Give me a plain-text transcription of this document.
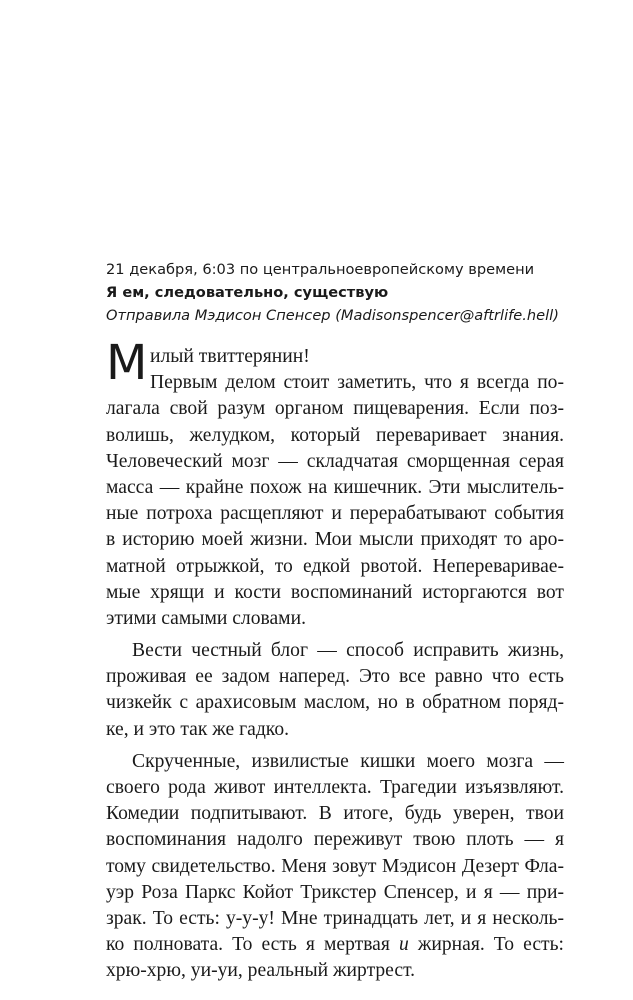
21 декабря, 6:03 по центральноевропейскому времени
Я ем, следовательно, существую
Отправила Мэдисон Спенсер (Madisonspencer@aftrlife.hell)
М илый твиттерянин!
Первым делом стоит заметить, что я всегда по-
лагала свой разум органом пищеварения. Если поз-
волишь, желудком, который переваривает знания.
Человеческий мозг — складчатая сморщенная серая
масса — крайне похож на кишечник. Эти мыслитель-
ные потроха расщепляют и перерабатывают события
в историю моей жизни. Мои мысли приходят то аро-
матной отрыжкой, то едкой рвотой. Непереваривае-
мые хрящи и кости воспоминаний исторгаются вот
этими самыми словами.
Вести честный блог — способ исправить жизнь,
проживая ее задом наперед. Это все равно что есть
чизкейк с арахисовым маслом, но в обратном поряд-
ке, и это так же гадко.
Скрученные, извилистые кишки моего мозга —
своего рода живот интеллекта. Трагедии изъязвляют.
Комедии подпитывают. В итоге, будь уверен, твои
воспоминания надолго переживут твою плоть — я
тому свидетельство. Меня зовут Мэдисон Дезерт Фла-
уэр Роза Паркс Койот Трикстер Спенсер, и я — при-
зрак. То есть: у-у-у! Мне тринадцать лет, и я несколь-
ко полновата. То есть я мертвая и жирная. То есть:
хрю-хрю, уи-уи, реальный жиртрест.
